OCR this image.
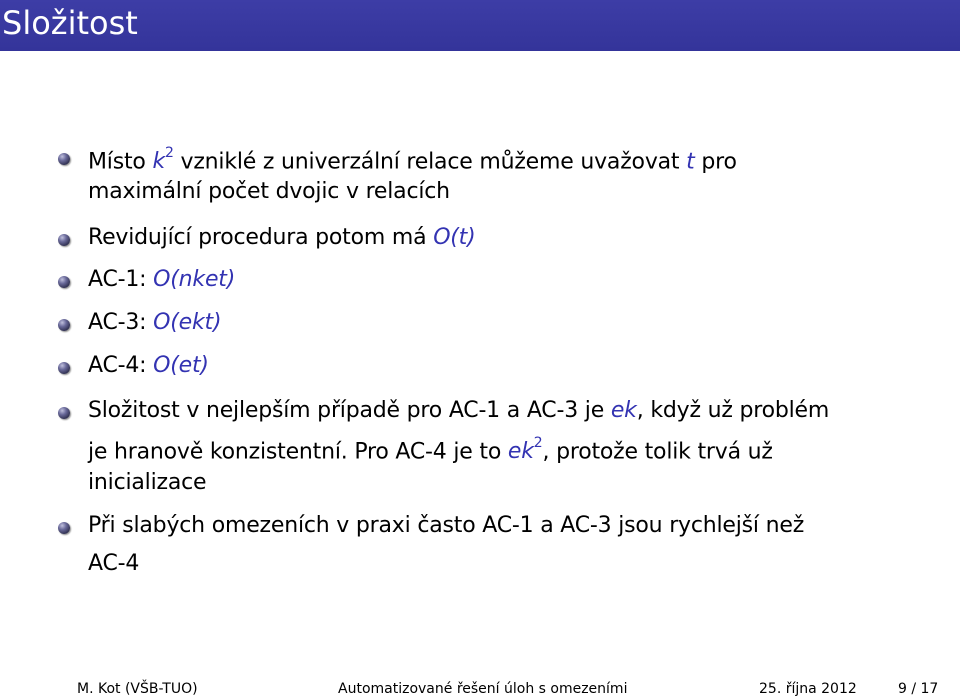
Složitost
Místo $k^2$ vzniklé z univerzální relace můžeme uvažovat t pro
maximální počet dvojic v relacích
Revidující procedura potom má O(t)
AC-1: O(nket)
AC-3: O(ekt)
AC-4: O(et)
Složitost v nejlepším případě pro AC-1 a AC-3 je ek, když už problém
je hranově konzistentní. Pro AC-4 je to $ek^2$, protože tolik trvá už
inicializace
Při slabých omezeních v praxi často AC-1 a AC-3 jsou rychlejší než
AC-4
M. Kot (VŠB-TUO)	Automatizované řešení úloh s omezeními	25. října 2012	9 / 17
